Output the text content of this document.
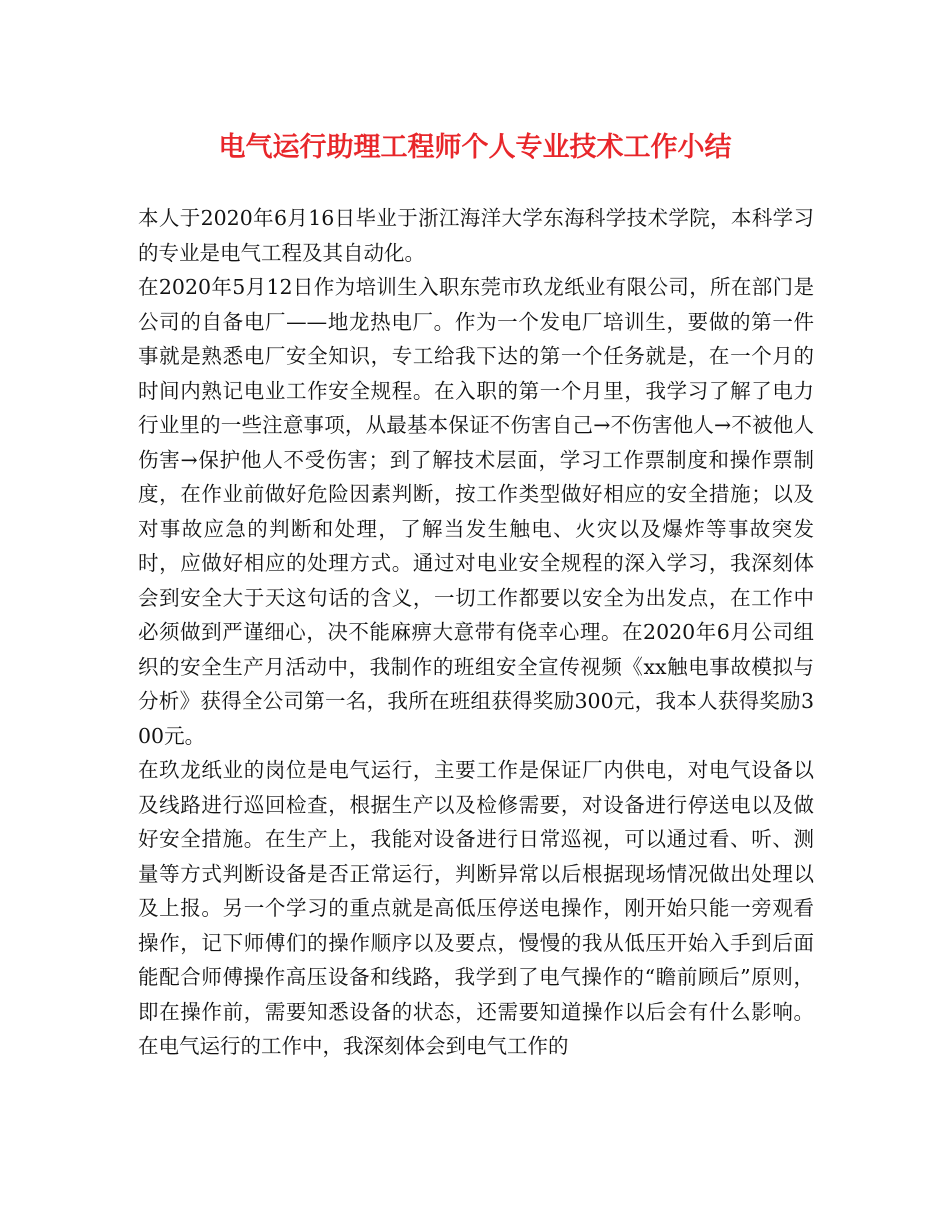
电气运行助理工程师个人专业技术工作小结

本人于2020年6月16日毕业于浙江海洋大学东海科学技术学院，本科学习的专业是电气工程及其自动化。

在2020年5月12日作为培训生入职东莞市玖龙纸业有限公司，所在部门是公司的自备电厂——地龙热电厂。作为一个发电厂培训生，要做的第一件事就是熟悉电厂安全知识，专工给我下达的第一个任务就是，在一个月的时间内熟记电业工作安全规程。在入职的第一个月里，我学习了解了电力行业里的一些注意事项，从最基本保证不伤害自己→不伤害他人→不被他人伤害→保护他人不受伤害；到了解技术层面，学习工作票制度和操作票制度，在作业前做好危险因素判断，按工作类型做好相应的安全措施；以及对事故应急的判断和处理，了解当发生触电、火灾以及爆炸等事故突发时，应做好相应的处理方式。通过对电业安全规程的深入学习，我深刻体会到安全大于天这句话的含义，一切工作都要以安全为出发点，在工作中必须做到严谨细心，决不能麻痹大意带有侥幸心理。在2020年6月公司组织的安全生产月活动中，我制作的班组安全宣传视频《xx触电事故模拟与分析》获得全公司第一名，我所在班组获得奖励300元，我本人获得奖励300元。

在玖龙纸业的岗位是电气运行，主要工作是保证厂内供电，对电气设备以及线路进行巡回检查，根据生产以及检修需要，对设备进行停送电以及做好安全措施。在生产上，我能对设备进行日常巡视，可以通过看、听、测量等方式判断设备是否正常运行，判断异常以后根据现场情况做出处理以及上报。另一个学习的重点就是高低压停送电操作，刚开始只能一旁观看操作，记下师傅们的操作顺序以及要点，慢慢的我从低压开始入手到后面能配合师傅操作高压设备和线路，我学到了电气操作的“瞻前顾后”原则，即在操作前，需要知悉设备的状态，还需要知道操作以后会有什么影响。在电气运行的工作中，我深刻体会到电气工作的
